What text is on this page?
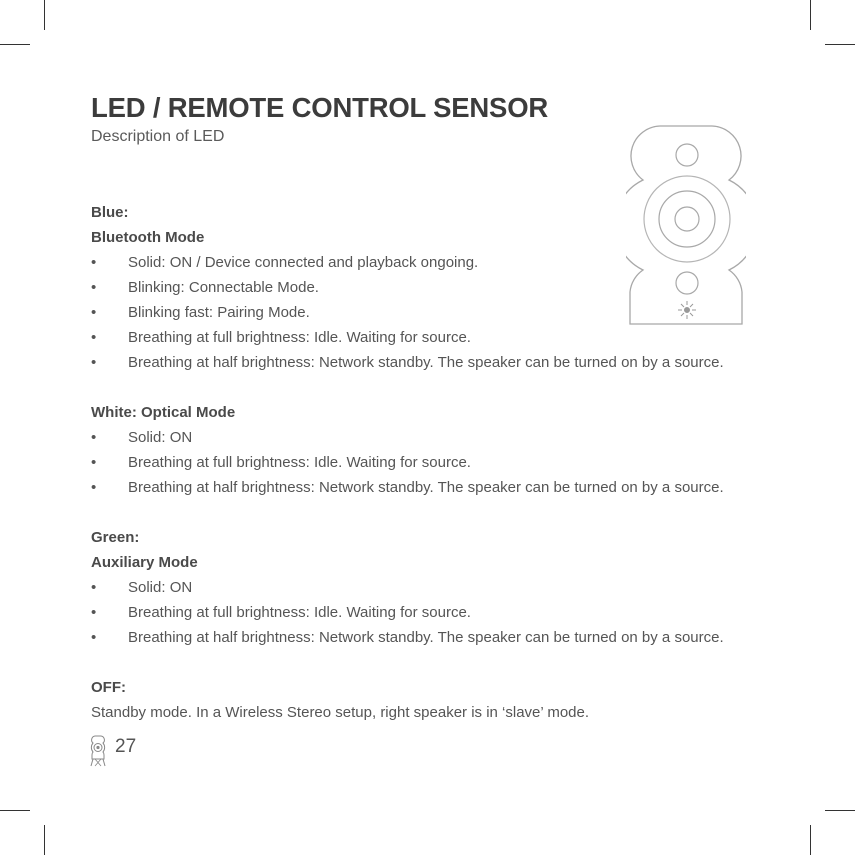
LED / REMOTE CONTROL SENSOR

Description of LED

Blue:
Bluetooth Mode
• Solid: ON / Device connected and playback ongoing.
• Blinking: Connectable Mode.
• Blinking fast: Pairing Mode.
• Breathing at full brightness: Idle. Waiting for source.
• Breathing at half brightness: Network standby. The speaker can be turned on by a source.
White: Optical Mode
• Solid: ON
• Breathing at full brightness: Idle. Waiting for source.
• Breathing at half brightness: Network standby. The speaker can be turned on by a source.
Green:
Auxiliary Mode
• Solid: ON
• Breathing at full brightness: Idle. Waiting for source.
• Breathing at half brightness: Network standby. The speaker can be turned on by a source.
OFF:
Standby mode. In a Wireless Stereo setup, right speaker is in ‘slave’ mode.
27
